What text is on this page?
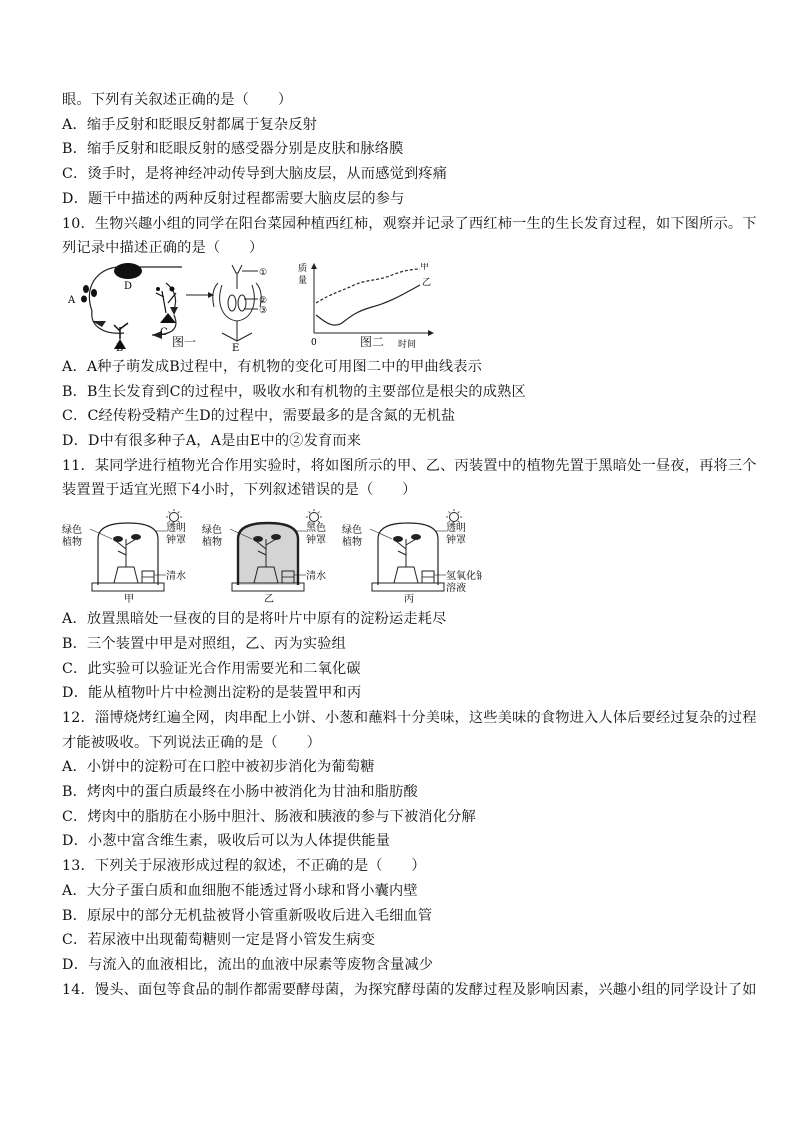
眼。下列有关叙述正确的是（　　）
A．缩手反射和眨眼反射都属于复杂反射
B．缩手反射和眨眼反射的感受器分别是皮肤和脉络膜
C．烫手时，是将神经冲动传导到大脑皮层，从而感觉到疼痛
D．题干中描述的两种反射过程都需要大脑皮层的参与
10．生物兴趣小组的同学在阳台菜园种植西红柿，观察并记录了西红柿一生的生长发育过程，如下图所示。下
列记录中描述正确的是（　　）
A
B
C
D
①
②
③
E
质
量
0	时间
甲
乙
图一	图二
A．A种子萌发成B过程中，有机物的变化可用图二中的甲曲线表示
B．B生长发育到C的过程中，吸收水和有机物的主要部位是根尖的成熟区
C．C经传粉受精产生D的过程中，需要最多的是含氮的无机盐
D．D中有很多种子A，A是由E中的②发育而来
11．某同学进行植物光合作用实验时，将如图所示的甲、乙、丙装置中的植物先置于黑暗处一昼夜，再将三个
装置置于适宜光照下4小时，下列叙述错误的是（　　）
绿色
植物
透明
钟罩
清水
甲
绿色
植物
黑色
钟罩
清水
乙
绿色
植物
透明
钟罩
氢氧化钠
溶液
丙
A．放置黑暗处一昼夜的目的是将叶片中原有的淀粉运走耗尽
B．三个装置中甲是对照组，乙、丙为实验组
C．此实验可以验证光合作用需要光和二氧化碳
D．能从植物叶片中检测出淀粉的是装置甲和丙
12．淄博烧烤红遍全网，肉串配上小饼、小葱和蘸料十分美味，这些美味的食物进入人体后要经过复杂的过程
才能被吸收。下列说法正确的是（　　）
A．小饼中的淀粉可在口腔中被初步消化为葡萄糖
B．烤肉中的蛋白质最终在小肠中被消化为甘油和脂肪酸
C．烤肉中的脂肪在小肠中胆汁、肠液和胰液的参与下被消化分解
D．小葱中富含维生素，吸收后可以为人体提供能量
13．下列关于尿液形成过程的叙述，不正确的是（　　）
A．大分子蛋白质和血细胞不能透过肾小球和肾小囊内壁
B．原尿中的部分无机盐被肾小管重新吸收后进入毛细血管
C．若尿液中出现葡萄糖则一定是肾小管发生病变
D．与流入的血液相比，流出的血液中尿素等废物含量减少
14．馒头、面包等食品的制作都需要酵母菌，为探究酵母菌的发酵过程及影响因素，兴趣小组的同学设计了如
